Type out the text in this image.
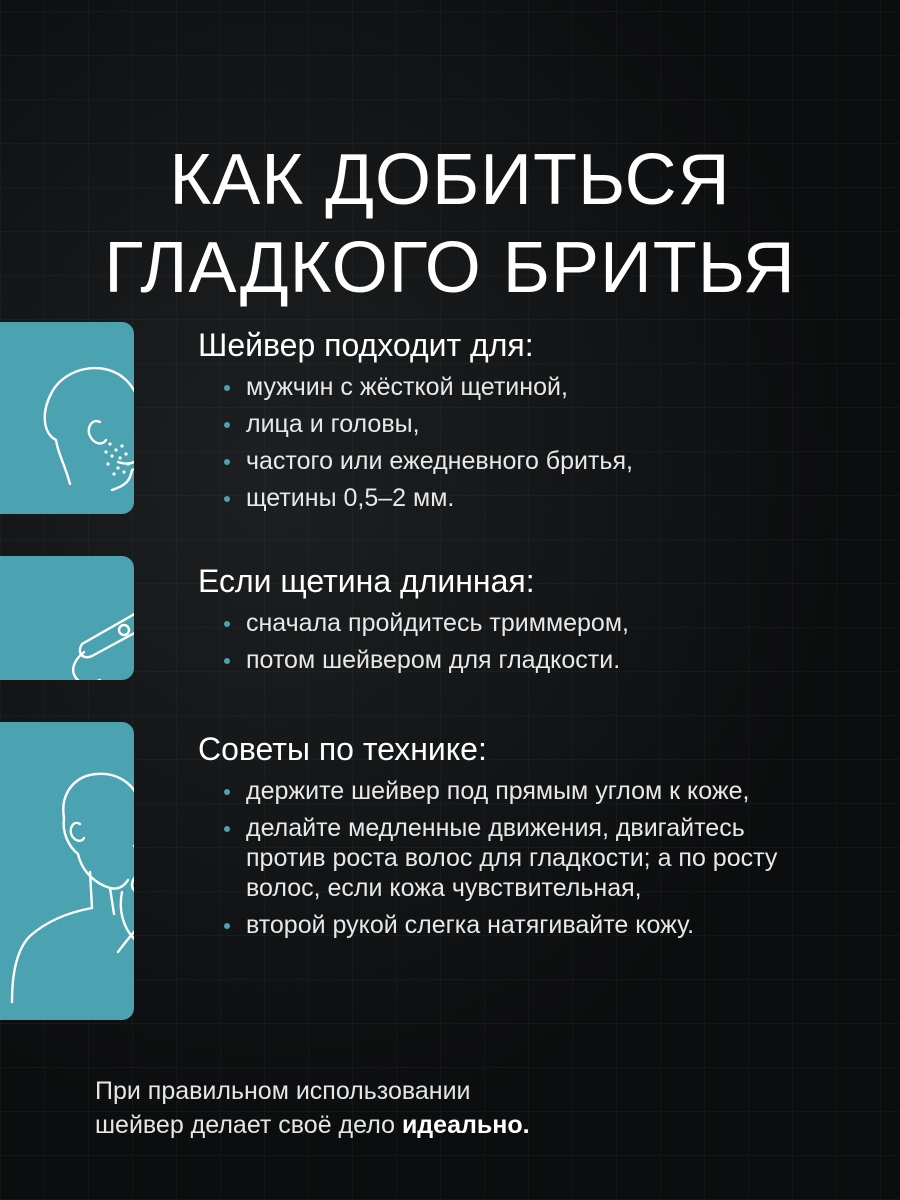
КАК ДОБИТЬСЯ
ГЛАДКОГО БРИТЬЯ
Шейвер подходит для:
мужчин с жёсткой щетиной,
лица и головы,
частого или ежедневного бритья,
щетины 0,5–2 мм.
Если щетина длинная:
сначала пройдитесь триммером,
потом шейвером для гладкости.
Советы по технике:
держите шейвер под прямым углом к коже,
делайте медленные движения, двигайтесь против роста волос для гладкости; а по росту волос, если кожа чувствительная,
второй рукой слегка натягивайте кожу.
При правильном использовании
шейвер делает своё дело идеально.
